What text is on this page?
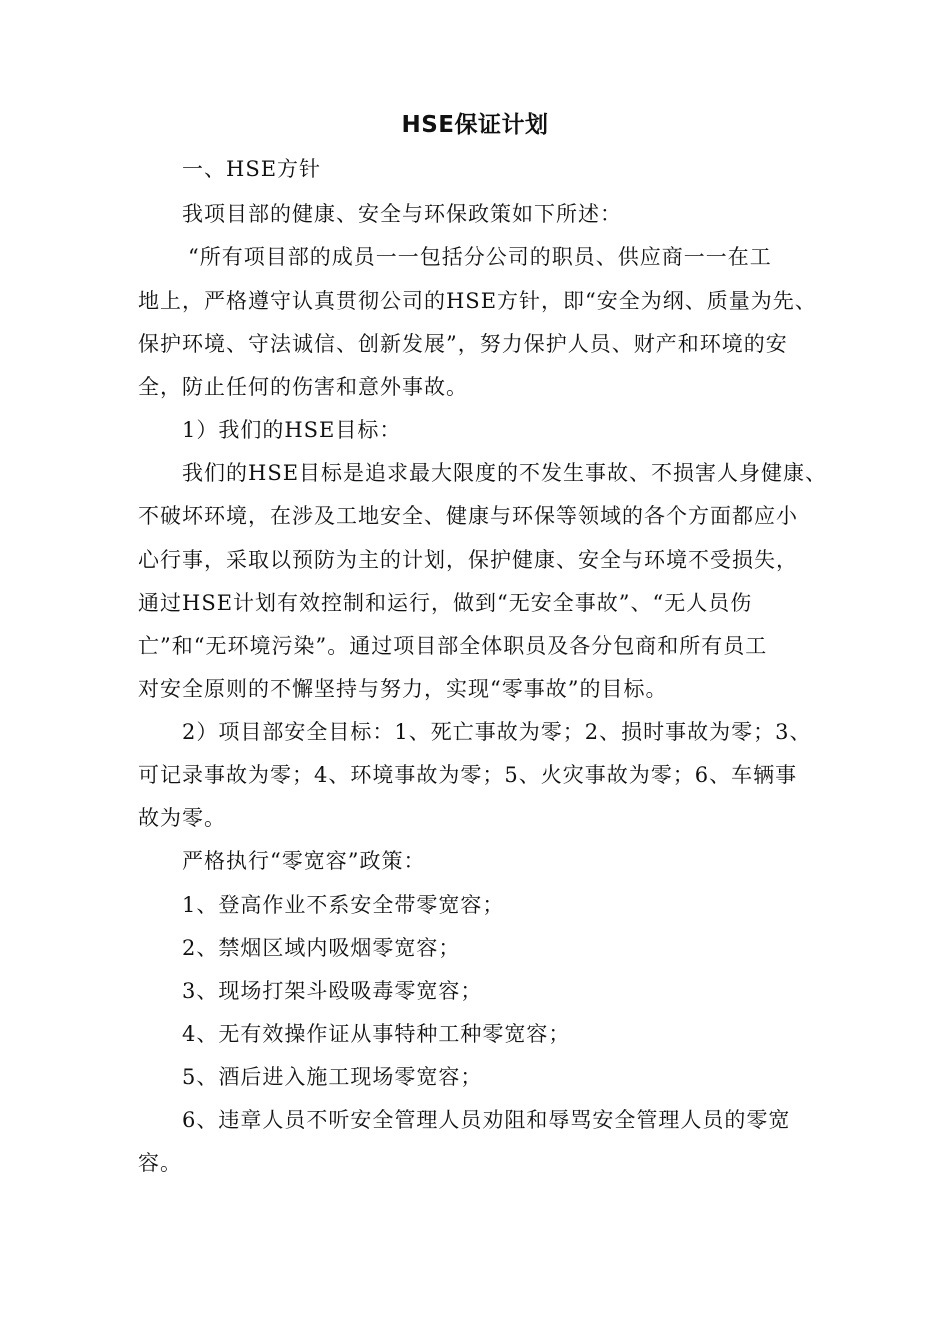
HSE保证计划
一、HSE方针
我项目部的健康、安全与环保政策如下所述：
“所有项目部的成员一一包括分公司的职员、供应商一一在工
地上，严格遵守认真贯彻公司的HSE方针，即“安全为纲、质量为先、
保护环境、守法诚信、创新发展”，努力保护人员、财产和环境的安
全，防止任何的伤害和意外事故。
1）我们的HSE目标：
我们的HSE目标是追求最大限度的不发生事故、不损害人身健康、
不破坏环境，在涉及工地安全、健康与环保等领域的各个方面都应小
心行事，采取以预防为主的计划，保护健康、安全与环境不受损失，
通过HSE计划有效控制和运行，做到“无安全事故”、“无人员伤
亡”和“无环境污染”。通过项目部全体职员及各分包商和所有员工
对安全原则的不懈坚持与努力，实现“零事故”的目标。
2）项目部安全目标：1、死亡事故为零；2、损时事故为零；3、
可记录事故为零；4、环境事故为零；5、火灾事故为零；6、车辆事
故为零。
严格执行“零宽容”政策：
1、登高作业不系安全带零宽容；
2、禁烟区域内吸烟零宽容；
3、现场打架斗殴吸毒零宽容；
4、无有效操作证从事特种工种零宽容；
5、酒后进入施工现场零宽容；
6、违章人员不听安全管理人员劝阻和辱骂安全管理人员的零宽
容。
